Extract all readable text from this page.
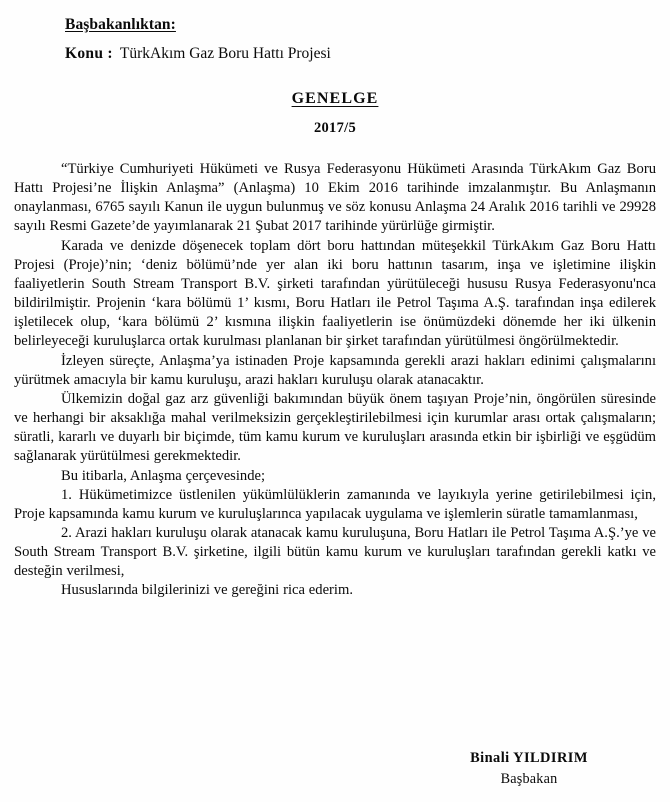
Başbakanlıktan:
Konu : TürkAkım Gaz Boru Hattı Projesi
GENELGE
2017/5

“Türkiye Cumhuriyeti Hükümeti ve Rusya Federasyonu Hükümeti Arasında TürkAkım Gaz Boru Hattı Projesi’ne İlişkin Anlaşma” (Anlaşma) 10 Ekim 2016 tarihinde imzalanmıştır. Bu Anlaşmanın onaylanması, 6765 sayılı Kanun ile uygun bulunmuş ve söz konusu Anlaşma 24 Aralık 2016 tarihli ve 29928 sayılı Resmi Gazete’de yayımlanarak 21 Şubat 2017 tarihinde yürürlüğe girmiştir.

Karada ve denizde döşenecek toplam dört boru hattından müteşekkil TürkAkım Gaz Boru Hattı Projesi (Proje)’nin; ‘deniz bölümü’nde yer alan iki boru hattının tasarım, inşa ve işletimine ilişkin faaliyetlerin South Stream Transport B.V. şirketi tarafından yürütüleceği hususu Rusya Federasyonu'nca bildirilmiştir. Projenin ‘kara bölümü 1’ kısmı, Boru Hatları ile Petrol Taşıma A.Ş. tarafından inşa edilerek işletilecek olup, ‘kara bölümü 2’ kısmına ilişkin faaliyetlerin ise önümüzdeki dönemde her iki ülkenin belirleyeceği kuruluşlarca ortak kurulması planlanan bir şirket tarafından yürütülmesi öngörülmektedir.

İzleyen süreçte, Anlaşma’ya istinaden Proje kapsamında gerekli arazi hakları edinimi çalışmalarını yürütmek amacıyla bir kamu kuruluşu, arazi hakları kuruluşu olarak atanacaktır.

Ülkemizin doğal gaz arz güvenliği bakımından büyük önem taşıyan Proje’nin, öngörülen süresinde ve herhangi bir aksaklığa mahal verilmeksizin gerçekleştirilebilmesi için kurumlar arası ortak çalışmaların; süratli, kararlı ve duyarlı bir biçimde, tüm kamu kurum ve kuruluşları arasında etkin bir işbirliği ve eşgüdüm sağlanarak yürütülmesi gerekmektedir.

Bu itibarla, Anlaşma çerçevesinde;

1. Hükümetimizce üstlenilen yükümlülüklerin zamanında ve layıkıyla yerine getirilebilmesi için, Proje kapsamında kamu kurum ve kuruluşlarınca yapılacak uygulama ve işlemlerin süratle tamamlanması,

2. Arazi hakları kuruluşu olarak atanacak kamu kuruluşuna, Boru Hatları ile Petrol Taşıma A.Ş.’ye ve South Stream Transport B.V. şirketine, ilgili bütün kamu kurum ve kuruluşları tarafından gerekli katkı ve desteğin verilmesi,

Hususlarında bilgilerinizi ve gereğini rica ederim.

Binali YILDIRIM
Başbakan
